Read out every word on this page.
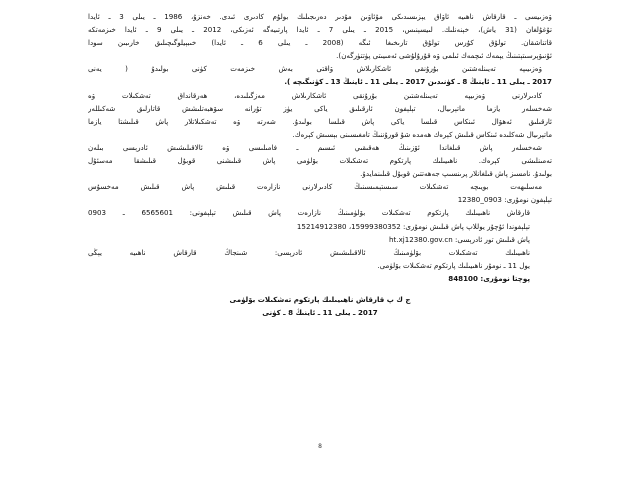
ۋەزىيسى ـ قارقاش ناھىيە ئاۋاق يېزىسىدىكى مۇئاۋىن مۇدىر دەرىجىلىك بولۇم كادىرى ئىدى. خەنزۇ، 1986 ـ يىلى 3 ـ ئايدا
تۇغۇلغان (31 ياش)، خېنەنلىك. لىيسېنىس، 2015 ـ يىلى 7 ـ ئايدا پارتىيەگە ئەزىكى، 2012 ـ يىلى 9 ـ ئايدا خىزمەتكە
قاتناشقان. تولۇق كۇرس تولۇق تارىخىغا ئىگە (2008 ـ يىلى 6 ـ ئايدا) خىبېيلوگىچىلىق خارىبىن سودا
ئۇنىۋېرسىتېتىنىڭ يېمەك ئىچمەك ئىلمى ۋە قۇرۇلۇشى ئەمىيىتى پۈتتۈرگەن).
ۋەزىيىپە تەيىنلەشتىن بۇرۇنقى ئاشكارىلاش ۋاقتى بەش خىزمەت كۈنى بولىدۇ ( يەنى
2017 ـ يىلى 11 ـ ئاينىڭ 8 ـ كۈنىدىن 2017 ـ يىلى 11 ـ ئاينىڭ 13 ـ كۈنىگىچە ).
كادىرلارنى ۋەزىيپە تەيىنلەشتىن بۇرۇنقى ئاشكارىلاش مەزگىلىدە، ھەرقانداق تەشكىلات ۋە
شەخسلەر يازما ماتېرىيال، تېلېفون ئارقىلىق ياكى يۈز تۇرانە سۆھبەتلىشش قاتارلىق شەكىللەر
ئارقىلىق ئەھۋال ئىنكاس قىلسا ياكى پاش قىلسا بولىدۇ. شەرتە ۋە تەشكىلاتلار پاش قىلىشتا يازما
ماتېرىيال شەكلىدە ئىنكاس قىلىش كېرەك ھەمدە شۇ قورۇننىڭ تامغىسىنى بېسىش كېرەك.
شەخسلەر پاش قىلغاندا ئۆزىنىڭ ھەقىقىي ئىسىم ـ فامىلىسى ۋە ئالاقىلىشىش ئادرېسى بىلەن
تەمىنلىشى كېرەك. ناھىيىلىك پارتكوم تەشكىلات بۆلۈمى پاش قىلىشنى قوبۇل قىلىشقا مەسئۇل
بولىدۇ. نامسىز پاش قىلغانلار پرىنسىپ جەھەتتىن قوبۇل قىلىنمايدۇ.
مەسلىھەت بويىچە تەشكىلات سىستېمىسىنىڭ كادىرلارنى نازارەت قىلىش پاش قىلىش مەخسۇس
تېلېفون نومۇرى: 0903_12380
قارقاش ناھىيىلىك پارتكوم تەشكىلات بۆلۈمىنىڭ نازارەت پاش قىلىش تېلېفونى: 6565601 ـ 0903
تېلېفوندا ئۇچۇر يوللاپ پاش قىلىش نومۇرى: 15999380352، 15214912380
پاش قىلىش تور ئادرېسى: ht.xj12380.gov.cn
ناھىيىلىك تەشكىلات بۆلۈمىنىڭ ئالاقىلىشىش ئادرېسى: شىنجاڭ قارقاش ناھىيە يېڭى
يول 11 ـ نومۇر ناھىيىلىك پارتكوم تەشكىلات بۆلۈمى.
پوچتا نومۇرى: 848100
ج ك پ قارقاش ناھىيىلىك پارتكوم تەشكىلات بۆلۈمى
2017 ـ يىلى 11 ـ ئاينىڭ 8 ـ كۈنى
8
